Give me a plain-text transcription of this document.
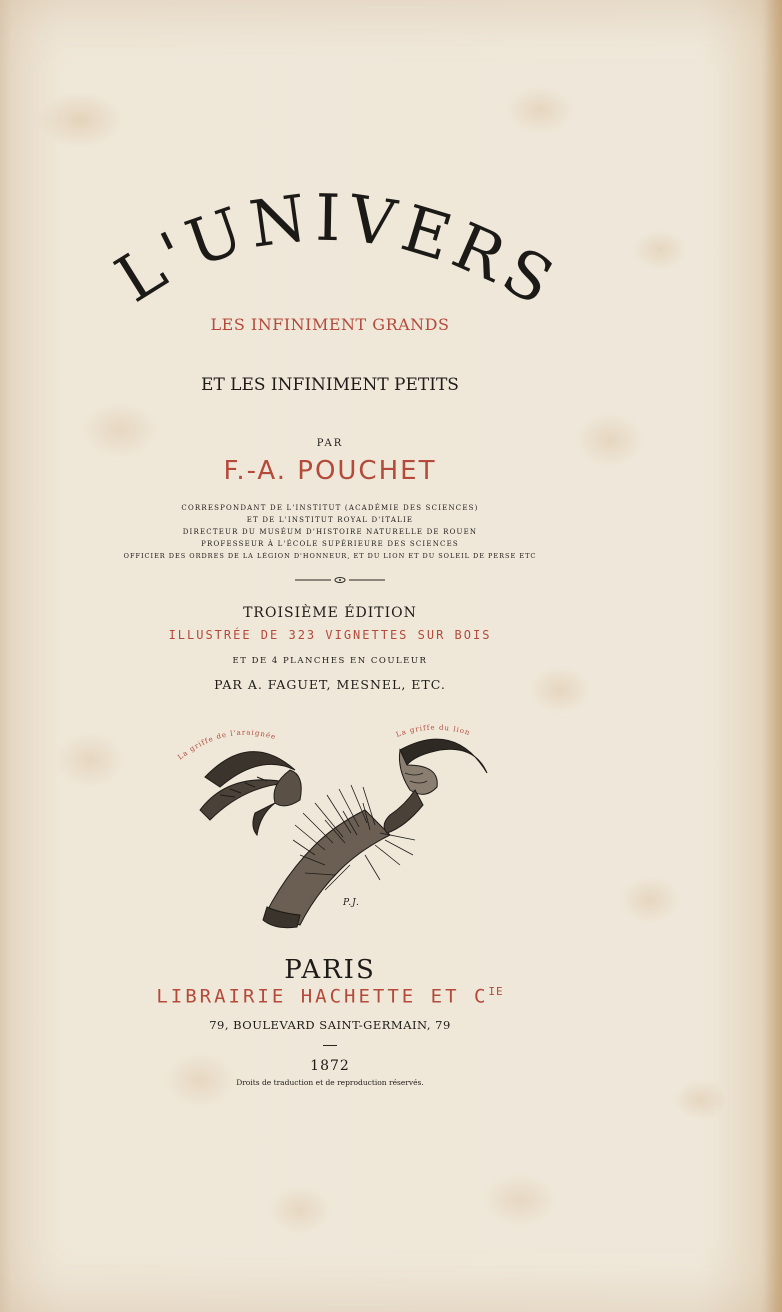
L'UNIVERS
LES INFINIMENT GRANDS
ET LES INFINIMENT PETITS
PAR
F.-A. POUCHET
CORRESPONDANT DE L'INSTITUT (ACADÉMIE DES SCIENCES)
ET DE L'INSTITUT ROYAL D'ITALIE
DIRECTEUR DU MUSÉUM D'HISTOIRE NATURELLE DE ROUEN
PROFESSEUR À L'ÉCOLE SUPÉRIEURE DES SCIENCES
OFFICIER DES ORDRES DE LA LÉGION D'HONNEUR, ET DU LION ET DU SOLEIL DE PERSE ETC
TROISIÈME ÉDITION
ILLUSTRÉE DE 323 VIGNETTES SUR BOIS
ET DE 4 PLANCHES EN COULEUR
PAR A. FAGUET, MESNEL, ETC.
La griffe de l'araignée	La griffe du lion
P.J.
PARIS
LIBRAIRIE HACHETTE ET $C^{IE}$
79, BOULEVARD SAINT-GERMAIN, 79
1872
Droits de traduction et de reproduction réservés.
